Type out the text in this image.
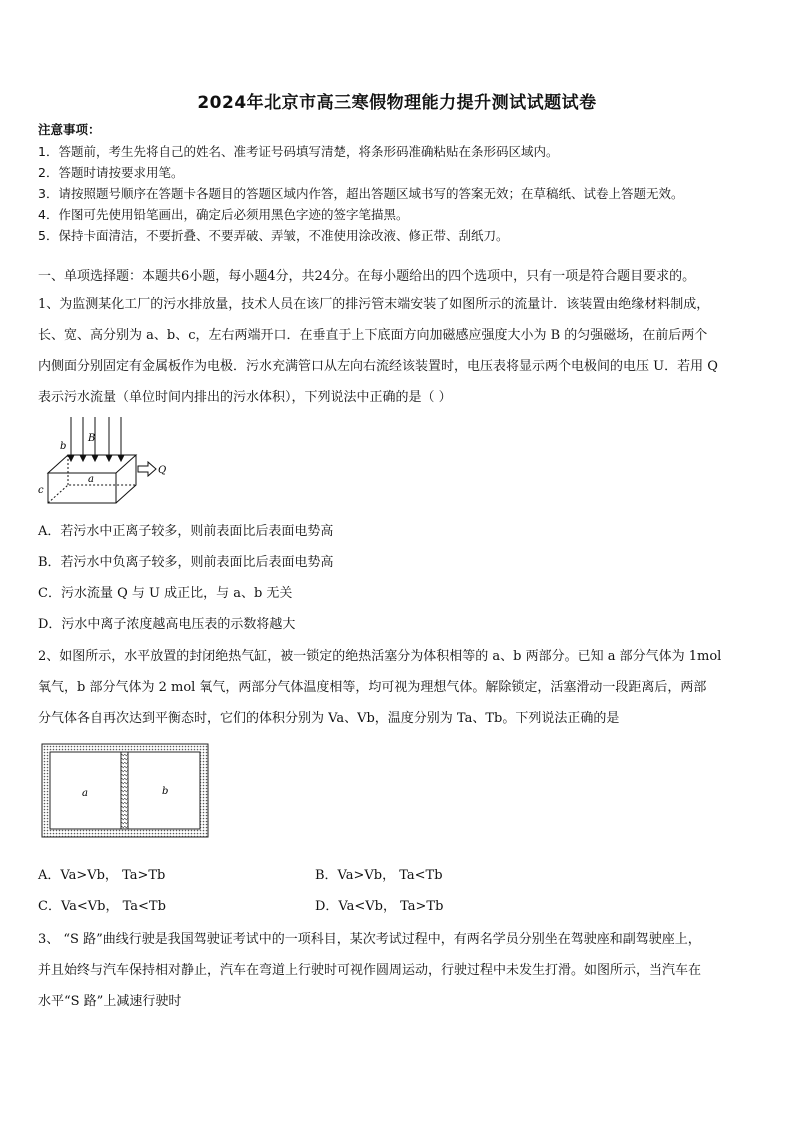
2024年北京市高三寒假物理能力提升测试试题试卷
注意事项：
1．答题前，考生先将自己的姓名、准考证号码填写清楚，将条形码准确粘贴在条形码区域内。
2．答题时请按要求用笔。
3．请按照题号顺序在答题卡各题目的答题区域内作答，超出答题区域书写的答案无效；在草稿纸、试卷上答题无效。
4．作图可先使用铅笔画出，确定后必须用黑色字迹的签字笔描黑。
5．保持卡面清洁，不要折叠、不要弄破、弄皱，不准使用涂改液、修正带、刮纸刀。
一、单项选择题：本题共6小题，每小题4分，共24分。在每小题给出的四个选项中，只有一项是符合题目要求的。
1、为监测某化工厂的污水排放量，技术人员在该厂的排污管末端安装了如图所示的流量计．该装置由绝缘材料制成，
长、宽、高分别为 a、b、c，左右两端开口．在垂直于上下底面方向加磁感应强度大小为 B 的匀强磁场，在前后两个
内侧面分别固定有金属板作为电极．污水充满管口从左向右流经该装置时，电压表将显示两个电极间的电压 U．若用 Q
表示污水流量（单位时间内排出的污水体积），下列说法中正确的是（ ）
b
B
a
c
Q
A．若污水中正离子较多，则前表面比后表面电势高
B．若污水中负离子较多，则前表面比后表面电势高
C．污水流量 Q 与 U 成正比，与 a、b 无关
D．污水中离子浓度越高电压表的示数将越大
2、如图所示，水平放置的封闭绝热气缸，被一锁定的绝热活塞分为体积相等的 a、b 两部分。已知 a 部分气体为 1mol
氧气，b 部分气体为 2 mol 氧气，两部分气体温度相等，均可视为理想气体。解除锁定，活塞滑动一段距离后，两部
分气体各自再次达到平衡态时，它们的体积分别为 Va、Vb，温度分别为 Ta、Tb。下列说法正确的是
a	b
A．Va>Vb， Ta>Tb	B．Va>Vb， Ta<Tb
C．Va<Vb， Ta<Tb	D．Va<Vb， Ta>Tb
3、 “S 路”曲线行驶是我国驾驶证考试中的一项科目，某次考试过程中，有两名学员分别坐在驾驶座和副驾驶座上，
并且始终与汽车保持相对静止，汽车在弯道上行驶时可视作圆周运动，行驶过程中未发生打滑。如图所示，当汽车在
水平“S 路”上减速行驶时
